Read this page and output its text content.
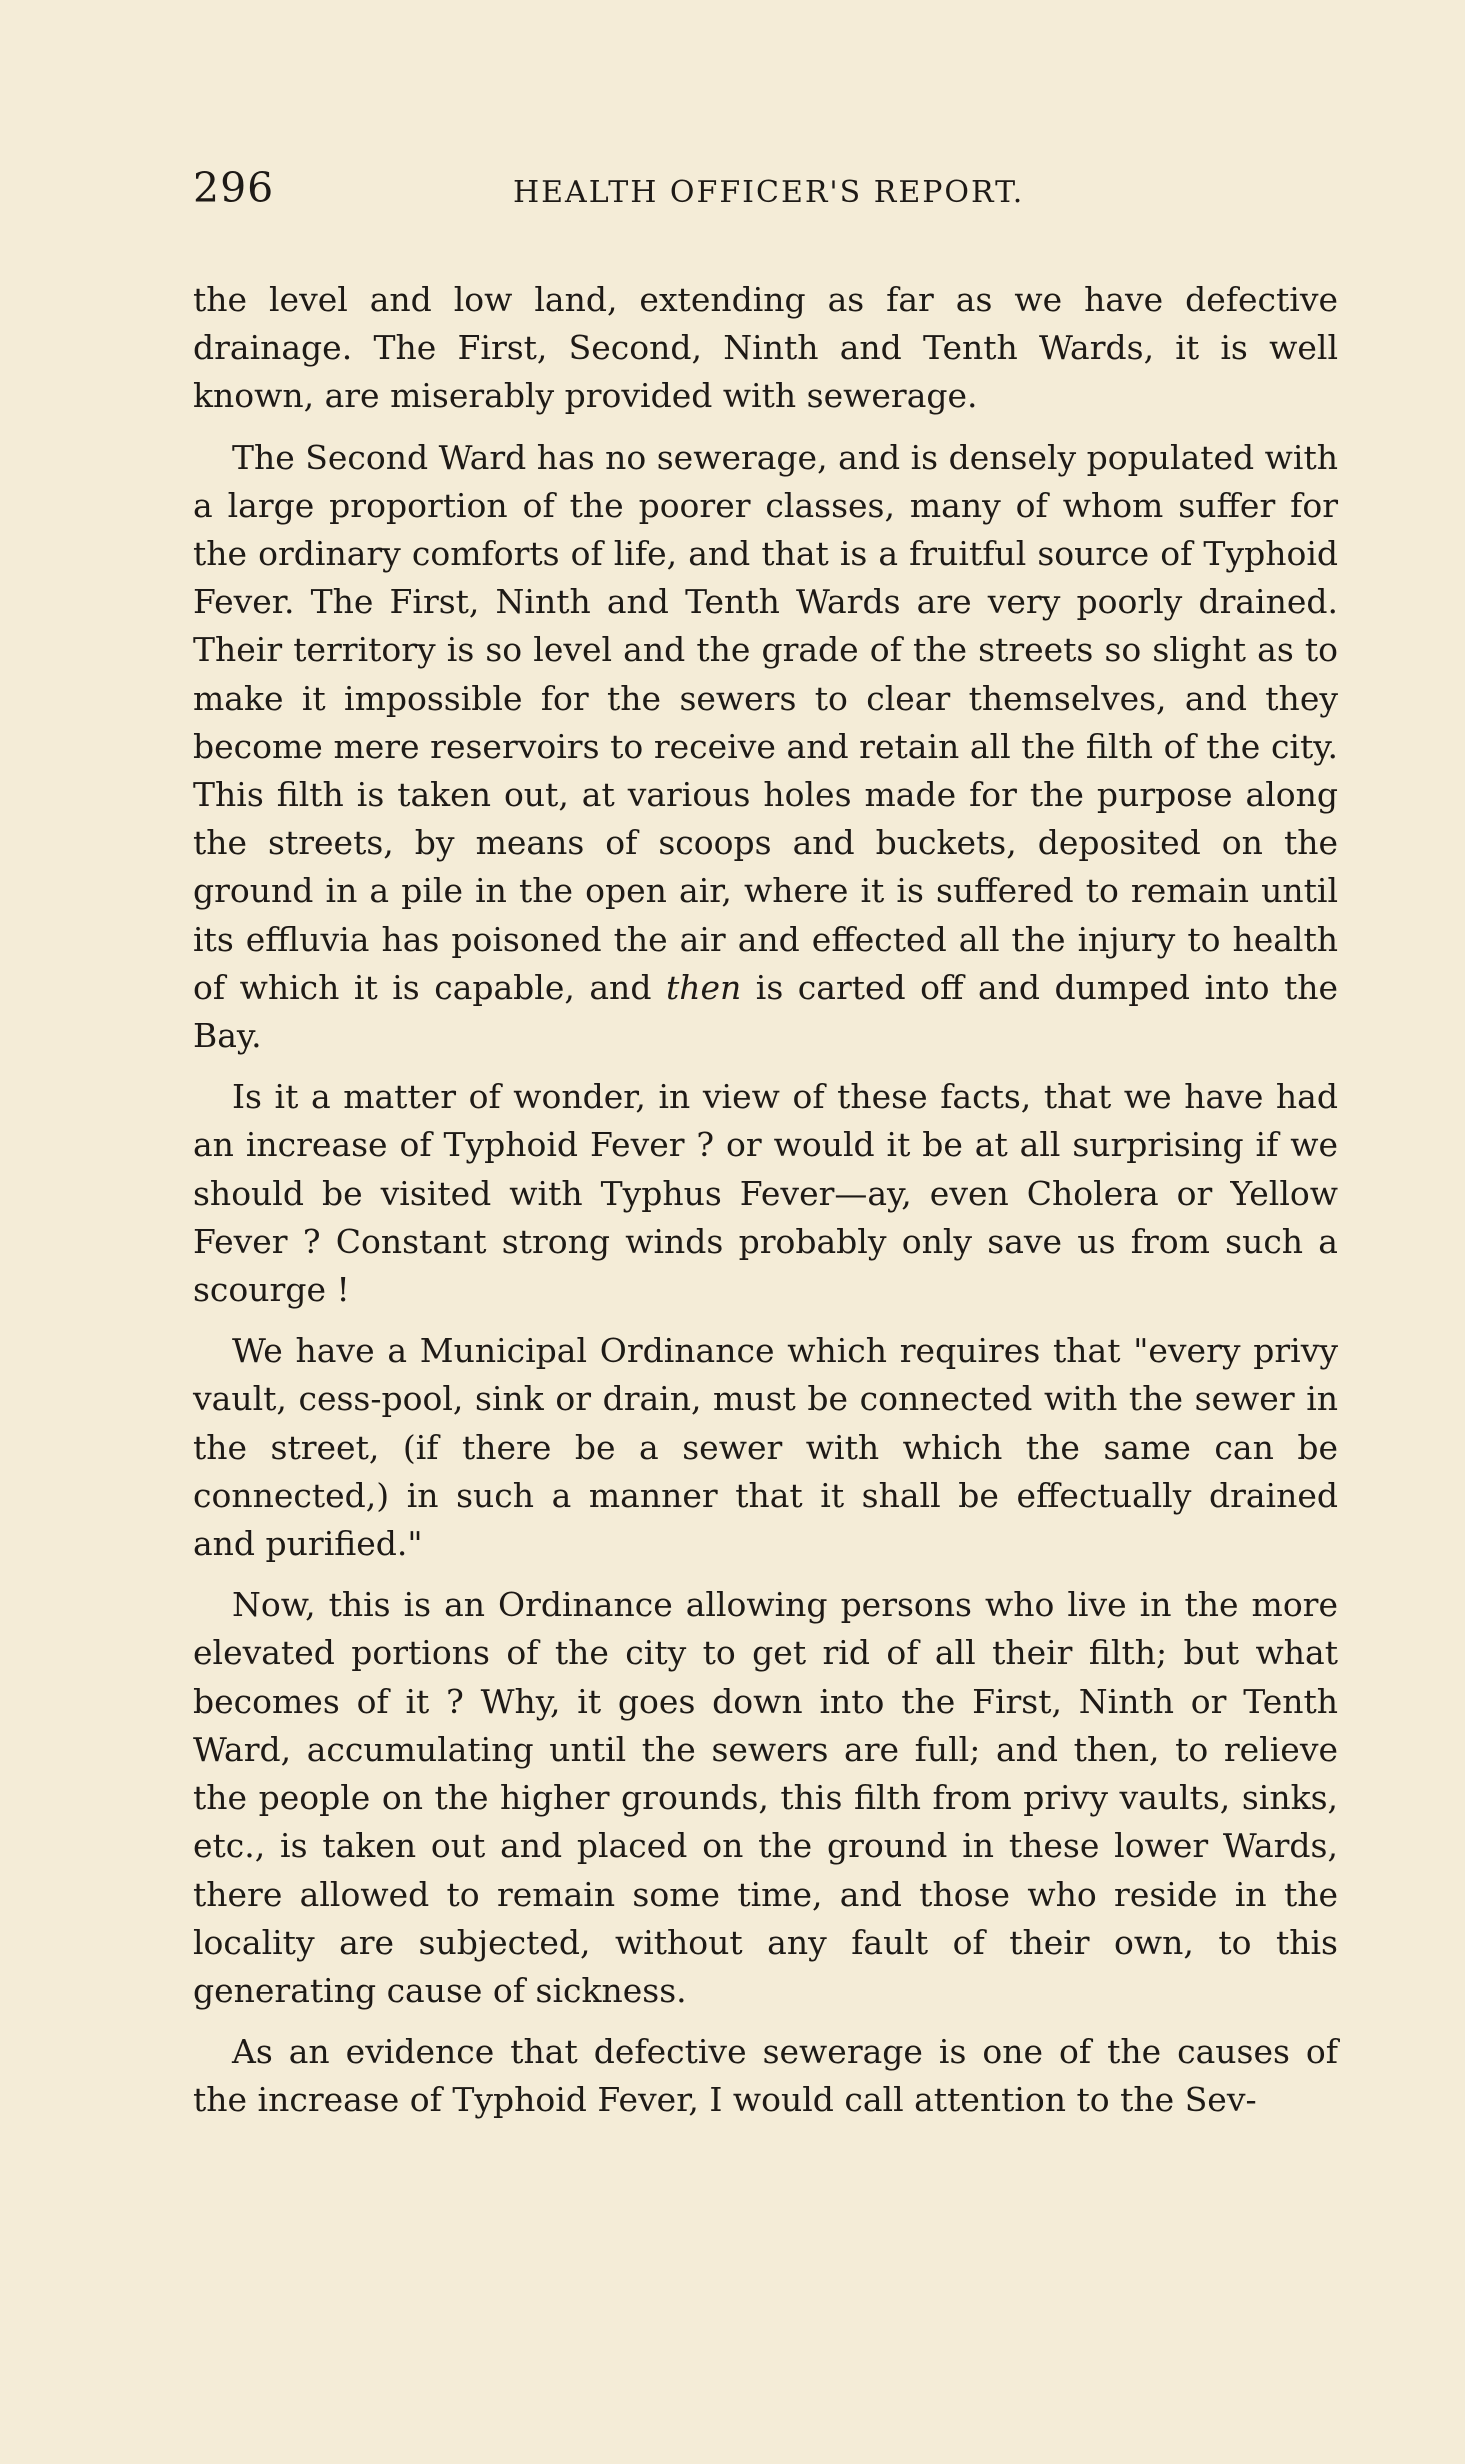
296	HEALTH OFFICER'S REPORT.

the level and low land, extending as far as we have defective drainage. The First, Second, Ninth and Tenth Wards, it is well known, are miserably provided with sewerage.

The Second Ward has no sewerage, and is densely populated with a large proportion of the poorer classes, many of whom suffer for the ordinary comforts of life, and that is a fruitful source of Typhoid Fever. The First, Ninth and Tenth Wards are very poorly drained. Their territory is so level and the grade of the streets so slight as to make it impossible for the sewers to clear themselves, and they become mere reservoirs to receive and retain all the filth of the city. This filth is taken out, at various holes made for the purpose along the streets, by means of scoops and buckets, deposited on the ground in a pile in the open air, where it is suffered to remain until its effluvia has poisoned the air and effected all the injury to health of which it is capable, and then is carted off and dumped into the Bay.

Is it a matter of wonder, in view of these facts, that we have had an increase of Typhoid Fever ? or would it be at all surprising if we should be visited with Typhus Fever—ay, even Cholera or Yellow Fever ? Constant strong winds probably only save us from such a scourge !

We have a Municipal Ordinance which requires that "every privy vault, cess-pool, sink or drain, must be connected with the sewer in the street, (if there be a sewer with which the same can be connected,) in such a manner that it shall be effectually drained and purified."

Now, this is an Ordinance allowing persons who live in the more elevated portions of the city to get rid of all their filth; but what becomes of it ? Why, it goes down into the First, Ninth or Tenth Ward, accumulating until the sewers are full; and then, to relieve the people on the higher grounds, this filth from privy vaults, sinks, etc., is taken out and placed on the ground in these lower Wards, there allowed to remain some time, and those who reside in the locality are subjected, without any fault of their own, to this generating cause of sickness.

As an evidence that defective sewerage is one of the causes of the increase of Typhoid Fever, I would call attention to the Sev-
